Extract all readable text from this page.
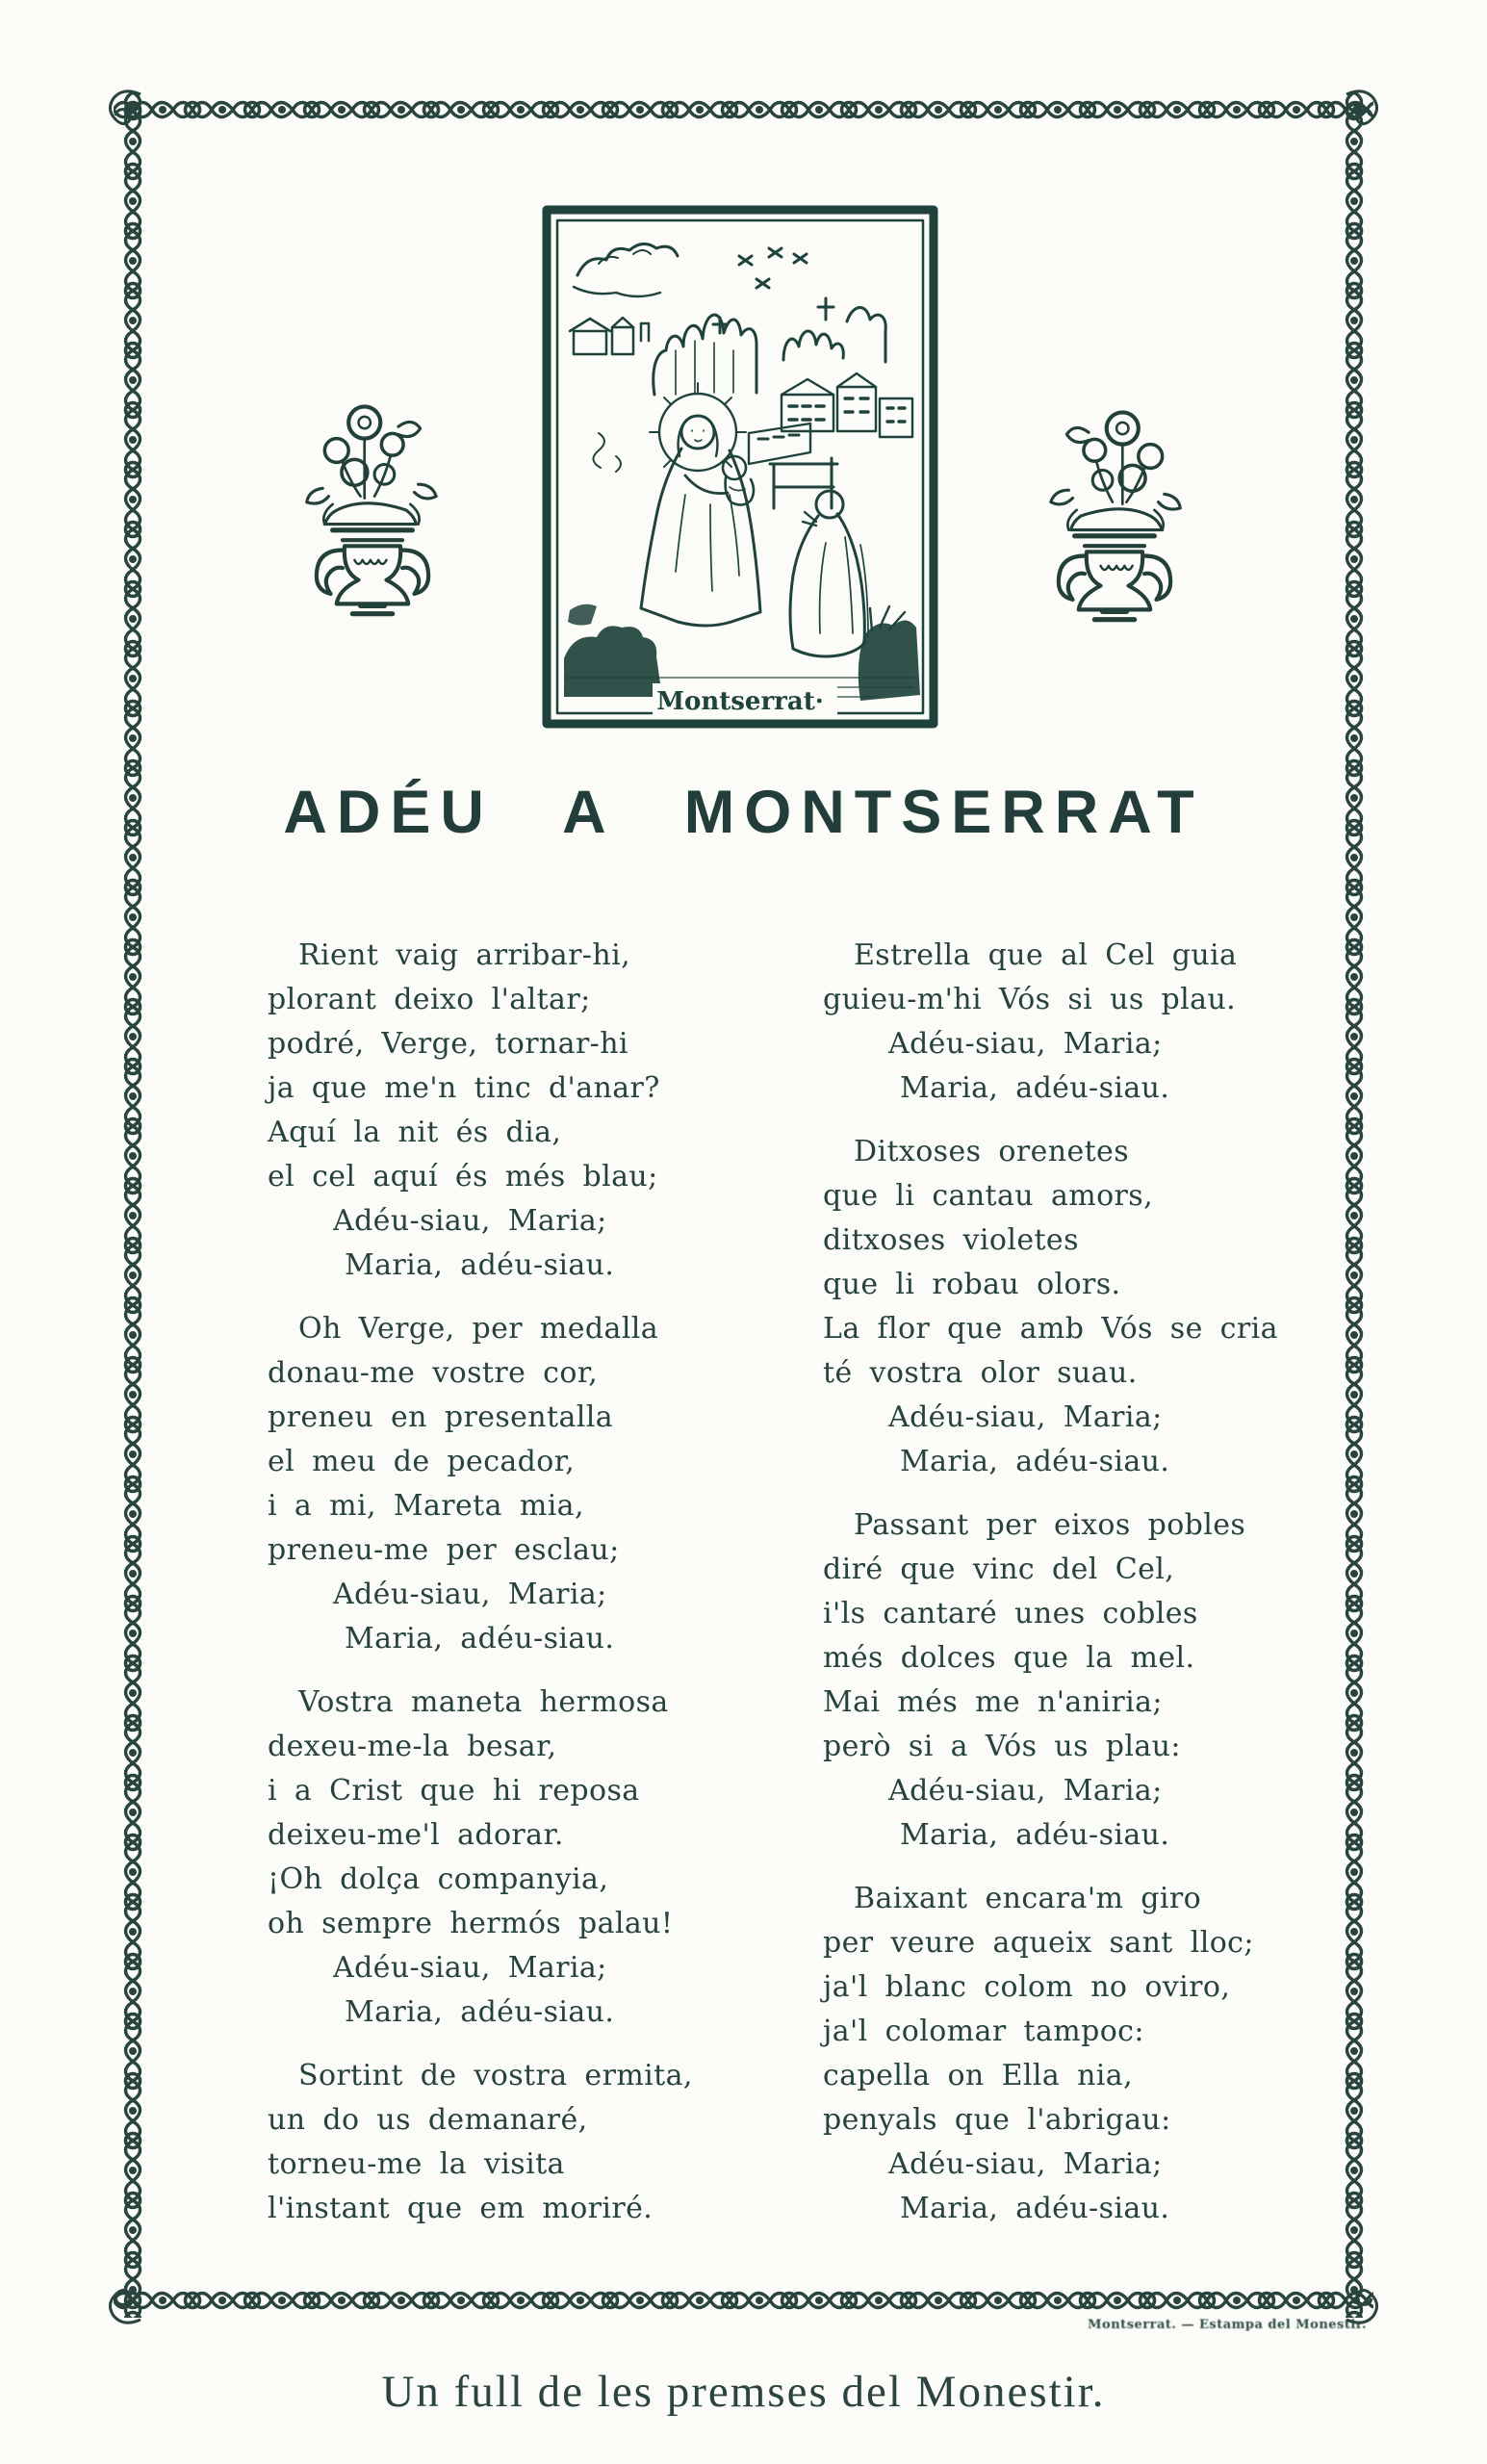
Montserrat·
ADÉU A MONTSERRAT
Rient vaig arribar-hi,
plorant deixo l'altar;
podré, Verge, tornar-hi
ja que me'n tinc d'anar?
Aquí la nit és dia,
el cel aquí és més blau;
Adéu-siau, Maria;
Maria, adéu-siau.
Oh Verge, per medalla
donau-me vostre cor,
preneu en presentalla
el meu de pecador,
i a mi, Mareta mia,
preneu-me per esclau;
Adéu-siau, Maria;
Maria, adéu-siau.
Vostra maneta hermosa
dexeu-me-la besar,
i a Crist que hi reposa
deixeu-me'l adorar.
¡Oh dolça companyia,
oh sempre hermós palau!
Adéu-siau, Maria;
Maria, adéu-siau.
Sortint de vostra ermita,
un do us demanaré,
torneu-me la visita
l'instant que em moriré.
Estrella que al Cel guia
guieu-m'hi Vós si us plau.
Adéu-siau, Maria;
Maria, adéu-siau.
Ditxoses orenetes
que li cantau amors,
ditxoses violetes
que li robau olors.
La flor que amb Vós se cria
té vostra olor suau.
Adéu-siau, Maria;
Maria, adéu-siau.
Passant per eixos pobles
diré que vinc del Cel,
i'ls cantaré unes cobles
més dolces que la mel.
Mai més me n'aniria;
però si a Vós us plau:
Adéu-siau, Maria;
Maria, adéu-siau.
Baixant encara'm giro
per veure aqueix sant lloc;
ja'l blanc colom no oviro,
ja'l colomar tampoc:
capella on Ella nia,
penyals que l'abrigau:
Adéu-siau, Maria;
Maria, adéu-siau.
Montserrat. — Estampa del Monestir.
Un full de les premses del Monestir.
